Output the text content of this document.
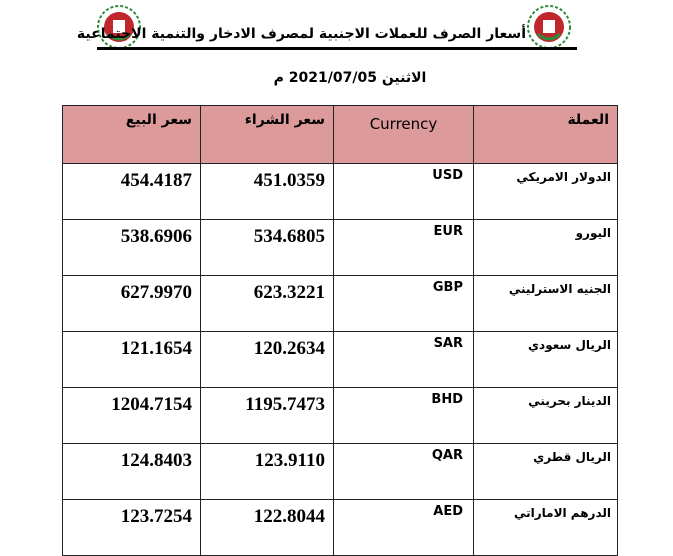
أسعار الصرف للعملات الاجنبية لمصرف الادخار والتنمية الاجتماعية
الاثنين 2021/07/05 م
سعر البيع	سعر الشراء	Currency	العملة
454.4187	451.0359	USD	الدولار الامريكي
538.6906	534.6805	EUR	اليورو
627.9970	623.3221	GBP	الجنيه الاسترليني
121.1654	120.2634	SAR	الريال سعودي
1204.7154	1195.7473	BHD	الدينار بحريني
124.8403	123.9110	QAR	الريال قطري
123.7254	122.8044	AED	الدرهم الاماراتي
